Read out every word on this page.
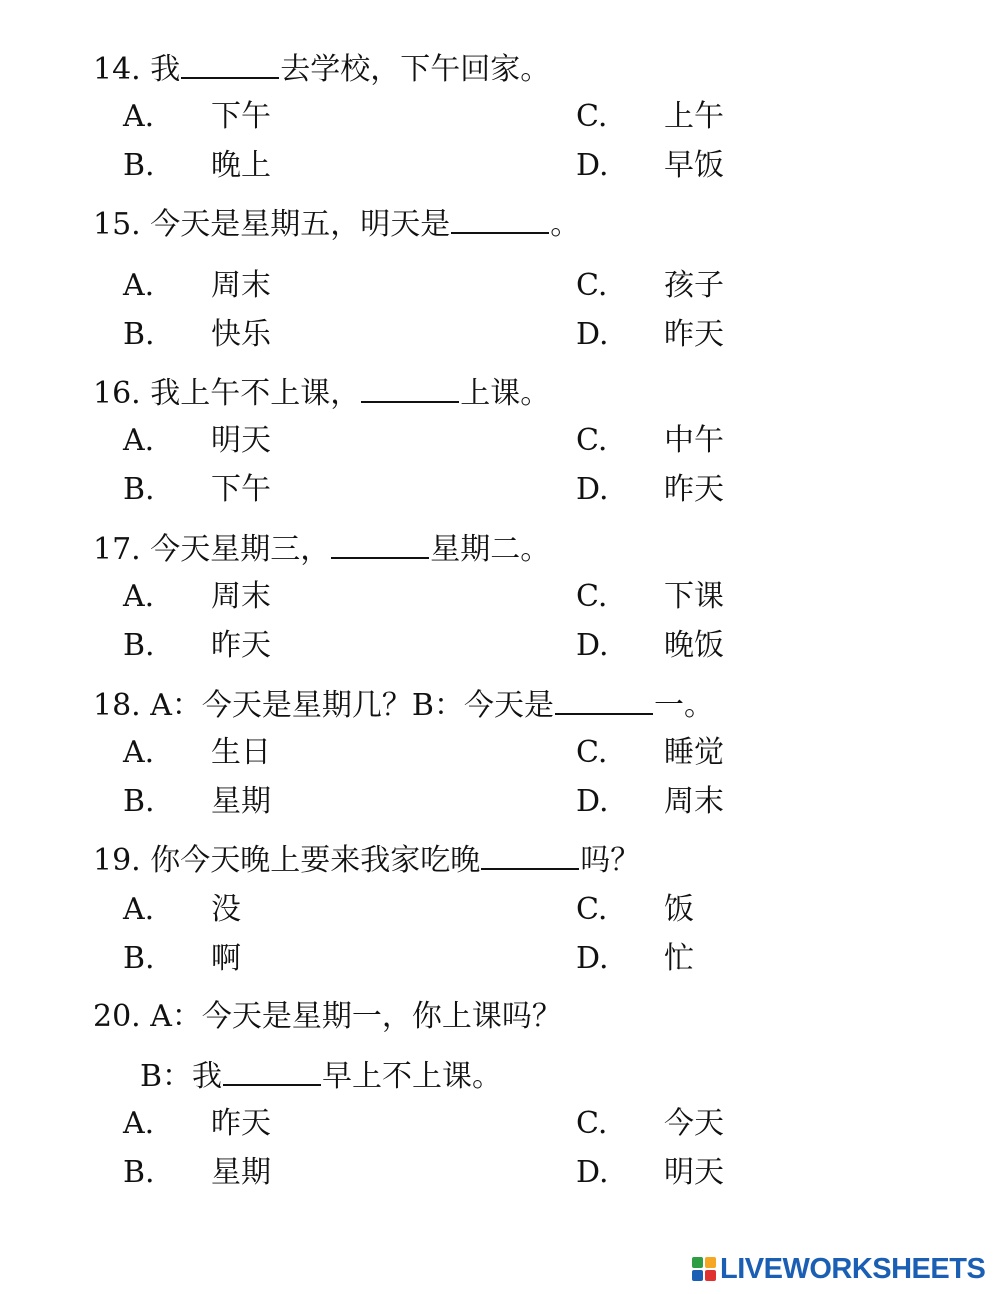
14. 我	去学校，下午回家。
A. 下午
B. 晚上
C. 上午
D. 早饭
15. 今天是星期五，明天是	。
A. 周末
B. 快乐
C. 孩子
D. 昨天
16. 我上午不上课，	上课。
A. 明天
B. 下午
C. 中午
D. 昨天
17. 今天星期三，	星期二。
A. 周末
B. 昨天
C. 下课
D. 晚饭
18. A：今天是星期几？B：今天是	一。
A. 生日
B. 星期
C. 睡觉
D. 周末
19. 你今天晚上要来我家吃晚	吗？
A. 没
B. 啊
C. 饭
D. 忙
20. A：今天是星期一，你上课吗？
B：我	早上不上课。
A. 昨天
B. 星期
C. 今天
D. 明天
LIVEWORKSHEETS
